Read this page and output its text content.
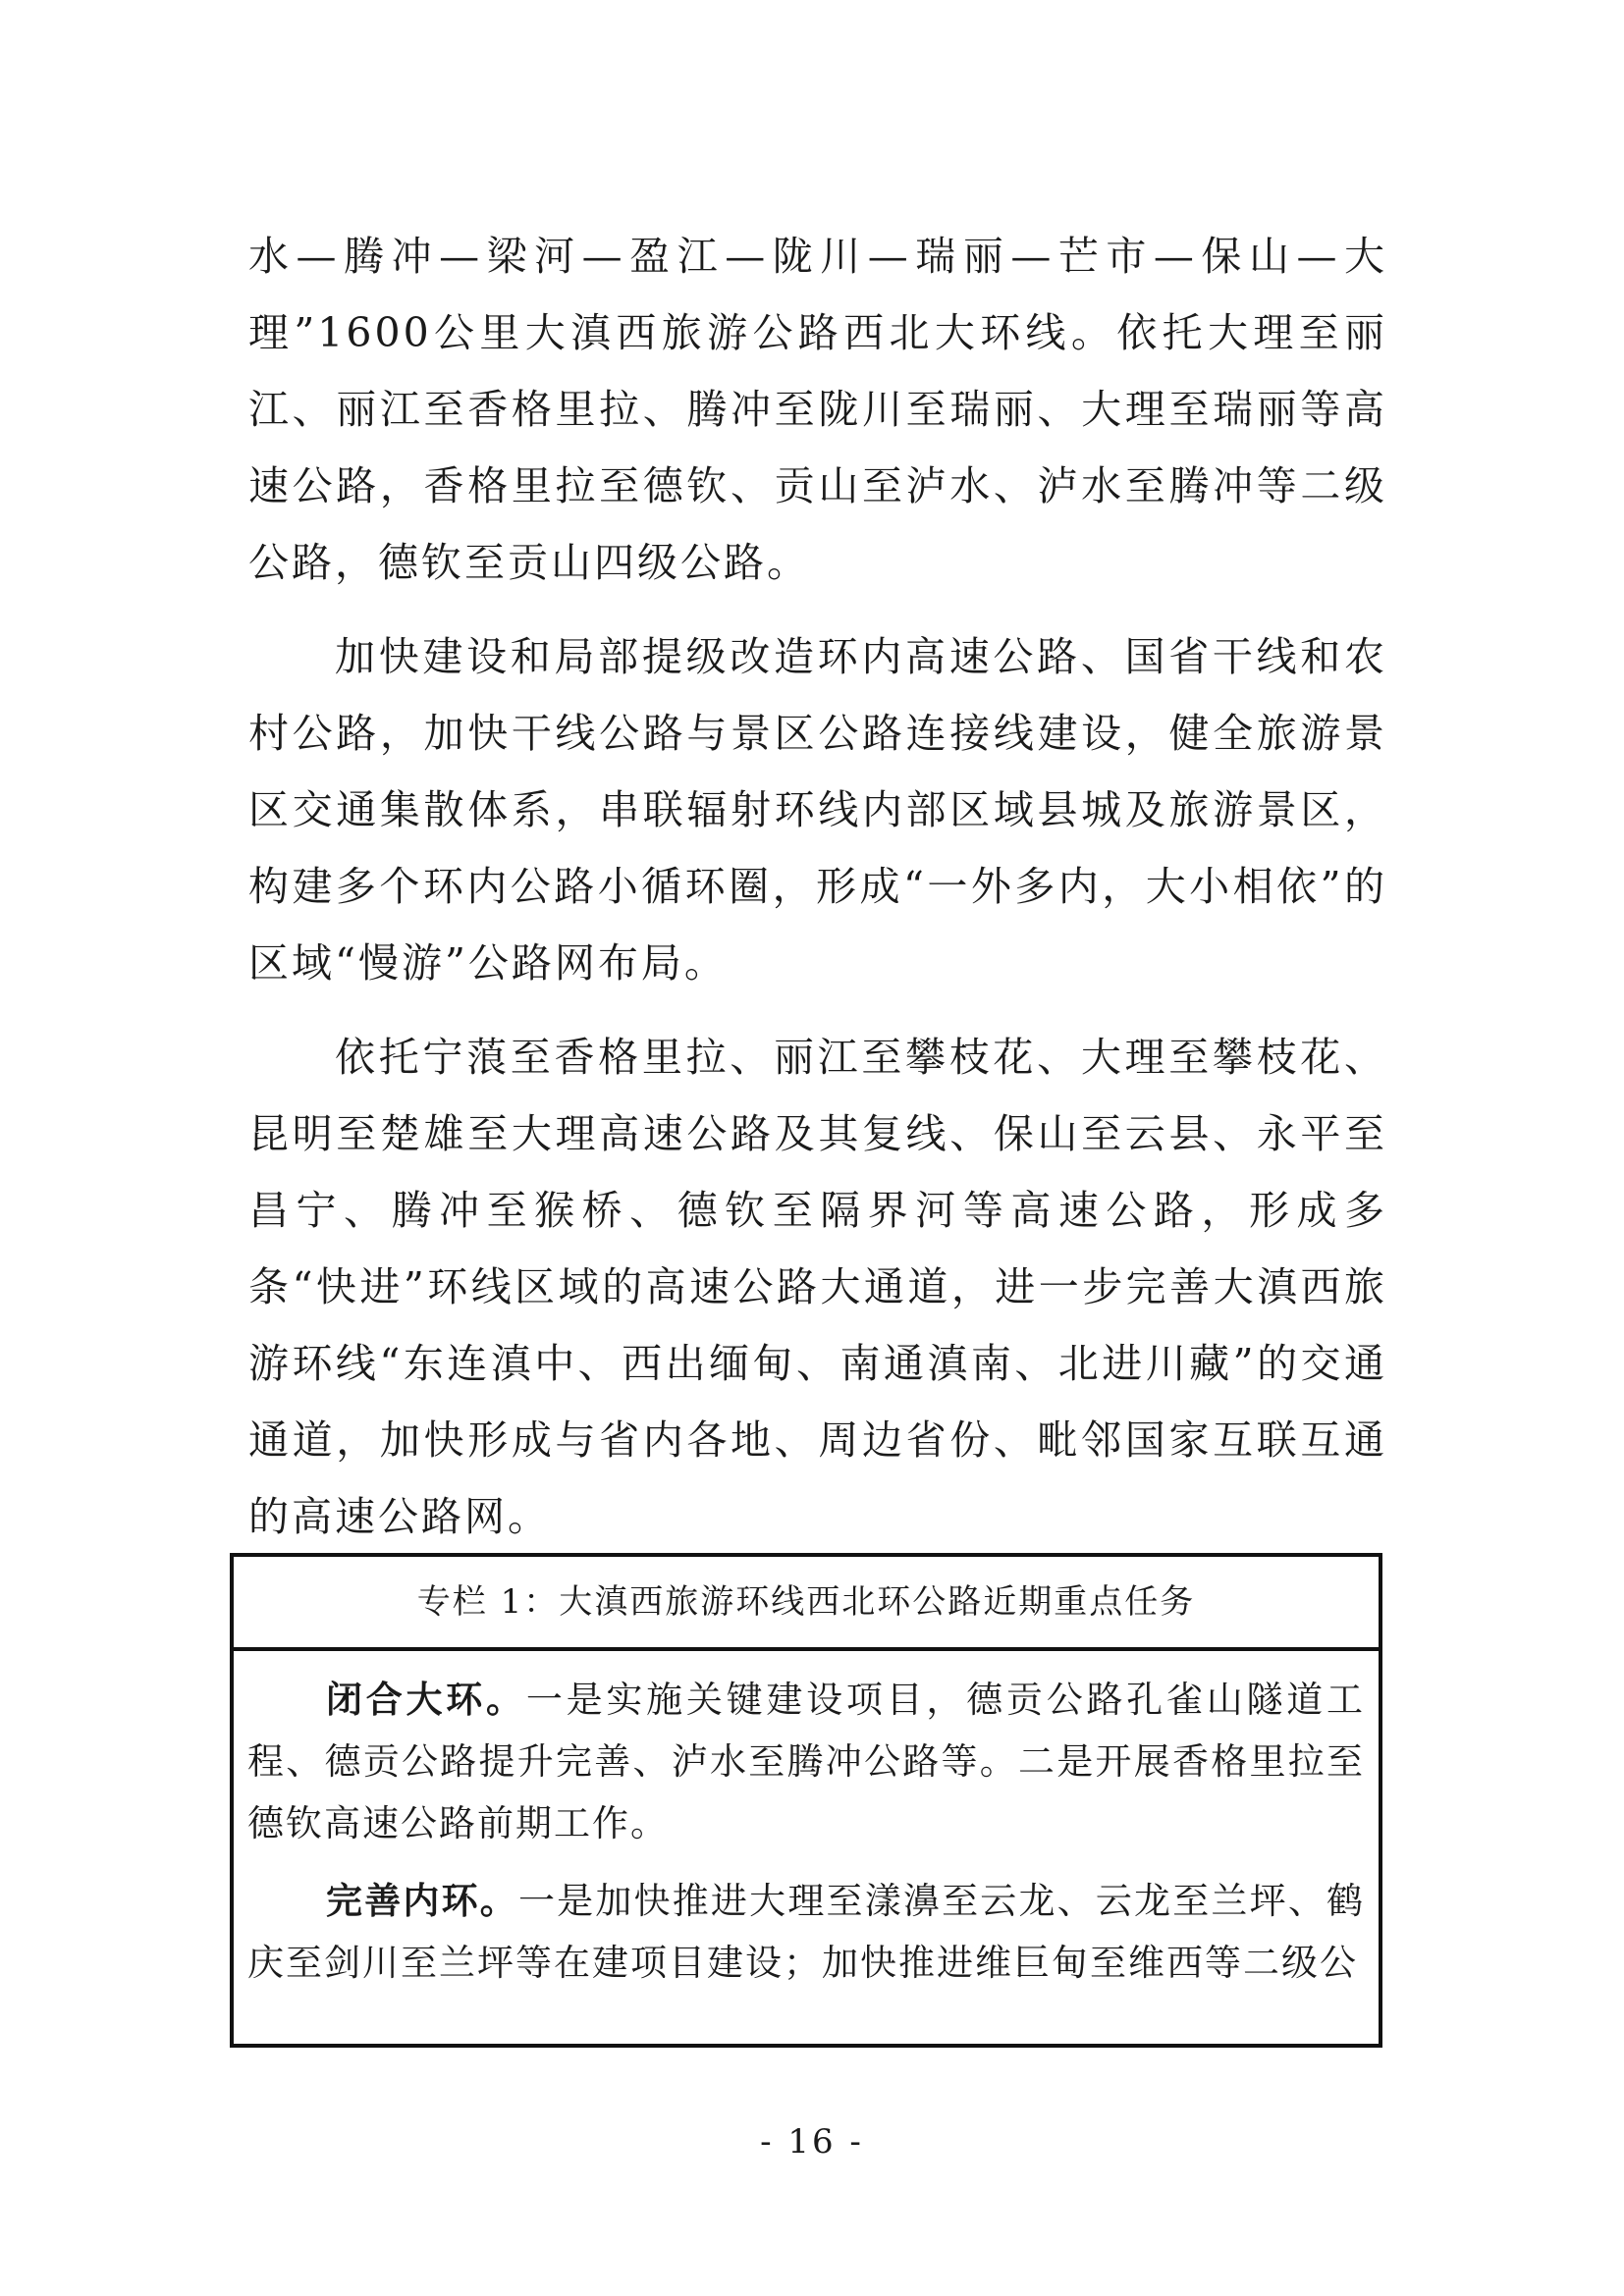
水—腾冲—梁河—盈江—陇川—瑞丽—芒市—保山—大理”1600公里大滇西旅游公路西北大环线。依托大理至丽江、丽江至香格里拉、腾冲至陇川至瑞丽、大理至瑞丽等高速公路，香格里拉至德钦、贡山至泸水、泸水至腾冲等二级公路，德钦至贡山四级公路。

加快建设和局部提级改造环内高速公路、国省干线和农村公路，加快干线公路与景区公路连接线建设，健全旅游景区交通集散体系，串联辐射环线内部区域县城及旅游景区，构建多个环内公路小循环圈，形成“一外多内，大小相依”的区域“慢游”公路网布局。

依托宁蒗至香格里拉、丽江至攀枝花、大理至攀枝花、昆明至楚雄至大理高速公路及其复线、保山至云县、永平至昌宁、腾冲至猴桥、德钦至隔界河等高速公路，形成多条“快进”环线区域的高速公路大通道，进一步完善大滇西旅游环线“东连滇中、西出缅甸、南通滇南、北进川藏”的交通通道，加快形成与省内各地、周边省份、毗邻国家互联互通的高速公路网。

专栏 1：大滇西旅游环线西北环公路近期重点任务

闭合大环。一是实施关键建设项目，德贡公路孔雀山隧道工程、德贡公路提升完善、泸水至腾冲公路等。二是开展香格里拉至德钦高速公路前期工作。

完善内环。一是加快推进大理至漾濞至云龙、云龙至兰坪、鹤庆至剑川至兰坪等在建项目建设；加快推进维巨甸至维西等二级公

- 16 -
